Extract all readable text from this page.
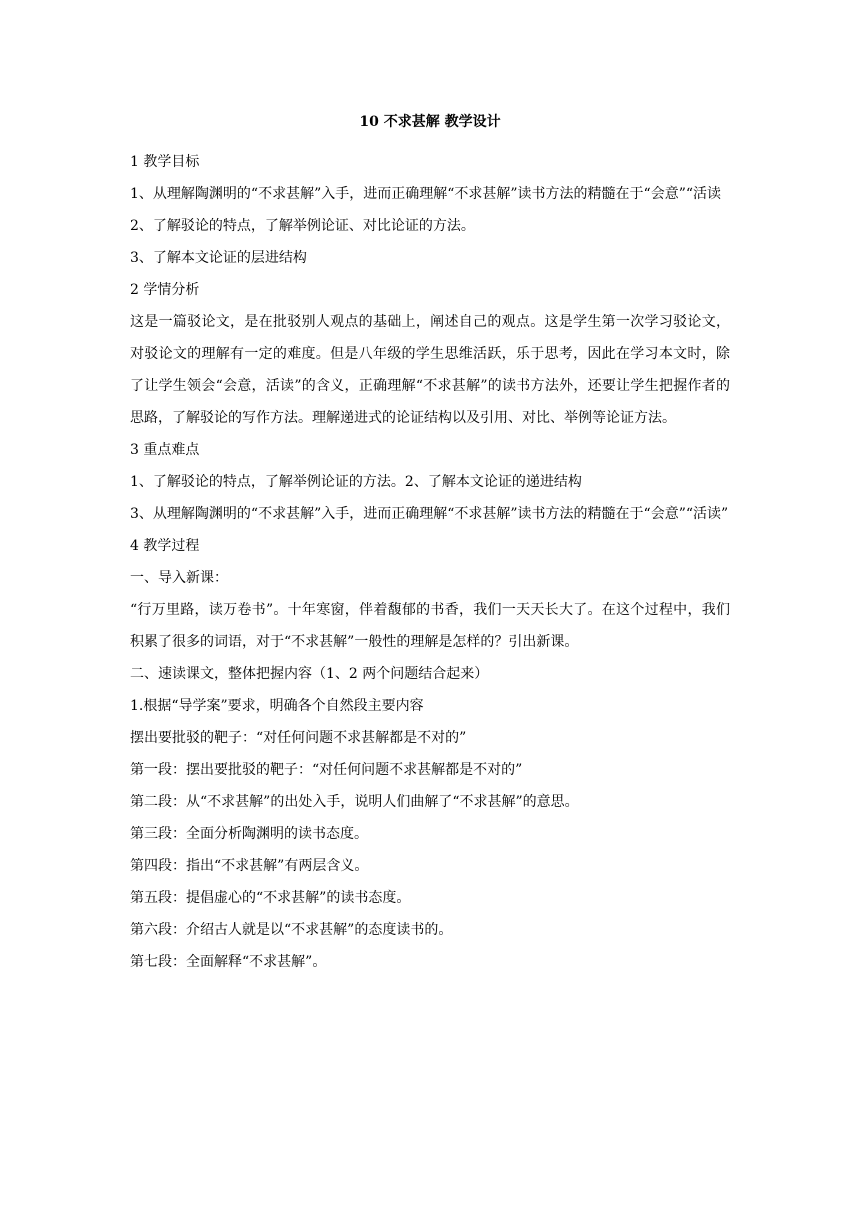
10 不求甚解 教学设计

1 教学目标

1、从理解陶渊明的“不求甚解”入手，进而正确理解“不求甚解”读书方法的精髓在于“会意”“活读

2、了解驳论的特点，了解举例论证、对比论证的方法。

3、了解本文论证的层进结构

2 学情分析

这是一篇驳论文，是在批驳别人观点的基础上，阐述自己的观点。这是学生第一次学习驳论文，对驳论文的理解有一定的难度。但是八年级的学生思维活跃，乐于思考，因此在学习本文时，除了让学生领会“会意，活读”的含义，正确理解“不求甚解”的读书方法外，还要让学生把握作者的思路，了解驳论的写作方法。理解递进式的论证结构以及引用、对比、举例等论证方法。

3 重点难点

1、了解驳论的特点，了解举例论证的方法。2、了解本文论证的递进结构

3、从理解陶渊明的“不求甚解”入手，进而正确理解“不求甚解”读书方法的精髓在于“会意”“活读”

4 教学过程

一、导入新课：

“行万里路，读万卷书”。十年寒窗，伴着馥郁的书香，我们一天天长大了。在这个过程中，我们积累了很多的词语，对于“不求甚解”一般性的理解是怎样的？引出新课。

二、速读课文，整体把握内容（1、2 两个问题结合起来）

1.根据“导学案”要求，明确各个自然段主要内容

摆出要批驳的靶子：“对任何问题不求甚解都是不对的”

第一段：摆出要批驳的靶子：“对任何问题不求甚解都是不对的”

第二段：从“不求甚解”的出处入手，说明人们曲解了“不求甚解”的意思。

第三段：全面分析陶渊明的读书态度。

第四段：指出“不求甚解”有两层含义。

第五段：提倡虚心的“不求甚解”的读书态度。

第六段：介绍古人就是以“不求甚解”的态度读书的。

第七段：全面解释“不求甚解”。
